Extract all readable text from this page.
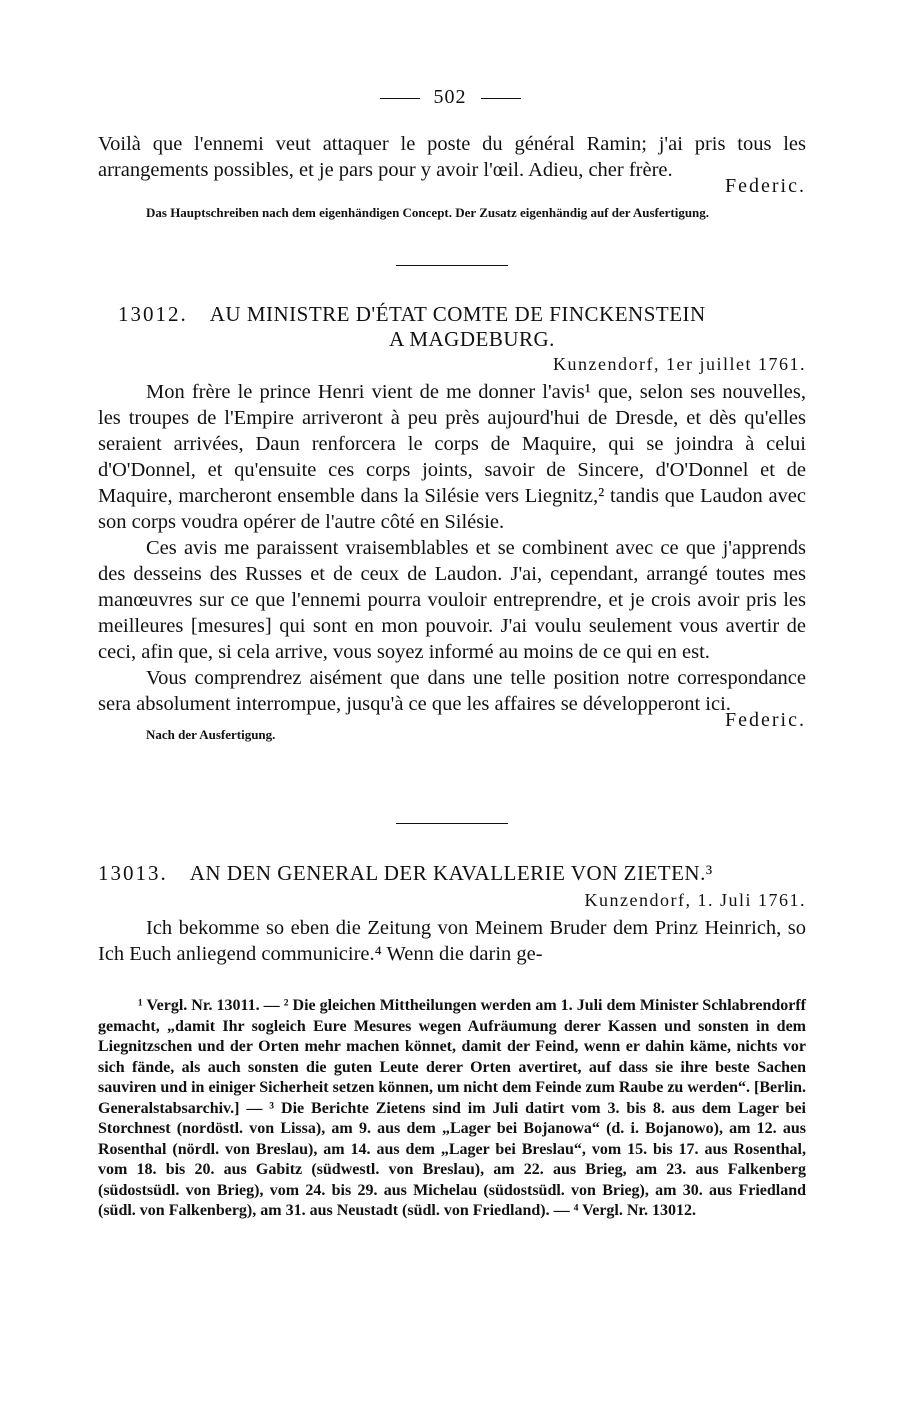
502

Voilà que l'ennemi veut attaquer le poste du général Ramin; j'ai pris tous les arrangements possibles, et je pars pour y avoir l'œil. Adieu, cher frère.

Federic.
Das Hauptschreiben nach dem eigenhändigen Concept. Der Zusatz eigenhändig auf der Ausfertigung.
13012. AU MINISTRE D'ÉTAT COMTE DE FINCKENSTEIN
A MAGDEBURG.
Kunzendorf, 1er juillet 1761.

Mon frère le prince Henri vient de me donner l'avis¹ que, selon ses nouvelles, les troupes de l'Empire arriveront à peu près aujourd'hui de Dresde, et dès qu'elles seraient arrivées, Daun renforcera le corps de Maquire, qui se joindra à celui d'O'Donnel, et qu'ensuite ces corps joints, savoir de Sincere, d'O'Donnel et de Maquire, marcheront ensemble dans la Silésie vers Liegnitz,² tandis que Laudon avec son corps voudra opérer de l'autre côté en Silésie.

Ces avis me paraissent vraisemblables et se combinent avec ce que j'apprends des desseins des Russes et de ceux de Laudon. J'ai, cependant, arrangé toutes mes manœuvres sur ce que l'ennemi pourra vouloir entreprendre, et je crois avoir pris les meilleures [mesures] qui sont en mon pouvoir. J'ai voulu seulement vous avertir de ceci, afin que, si cela arrive, vous soyez informé au moins de ce qui en est.

Vous comprendrez aisément que dans une telle position notre correspondance sera absolument interrompue, jusqu'à ce que les affaires se développeront ici.

Federic.
Nach der Ausfertigung.
13013. AN DEN GENERAL DER KAVALLERIE VON ZIETEN.³
Kunzendorf, 1. Juli 1761.

Ich bekomme so eben die Zeitung von Meinem Bruder dem Prinz Heinrich, so Ich Euch anliegend communicire.⁴ Wenn die darin ge-

¹ Vergl. Nr. 13011. — ² Die gleichen Mittheilungen werden am 1. Juli dem Minister Schlabrendorff gemacht, „damit Ihr sogleich Eure Mesures wegen Aufräumung derer Kassen und sonsten in dem Liegnitzschen und der Orten mehr machen könnet, damit der Feind, wenn er dahin käme, nichts vor sich fände, als auch sonsten die guten Leute derer Orten avertiret, auf dass sie ihre beste Sachen sauviren und in einiger Sicherheit setzen können, um nicht dem Feinde zum Raube zu werden“. [Berlin. Generalstabsarchiv.] — ³ Die Berichte Zietens sind im Juli datirt vom 3. bis 8. aus dem Lager bei Storchnest (nordöstl. von Lissa), am 9. aus dem „Lager bei Bojanowa“ (d. i. Bojanowo), am 12. aus Rosenthal (nördl. von Breslau), am 14. aus dem „Lager bei Breslau“, vom 15. bis 17. aus Rosenthal, vom 18. bis 20. aus Gabitz (südwestl. von Breslau), am 22. aus Brieg, am 23. aus Falkenberg (südostsüdl. von Brieg), vom 24. bis 29. aus Michelau (südostsüdl. von Brieg), am 30. aus Friedland (südl. von Falkenberg), am 31. aus Neustadt (südl. von Friedland). — ⁴ Vergl. Nr. 13012.
